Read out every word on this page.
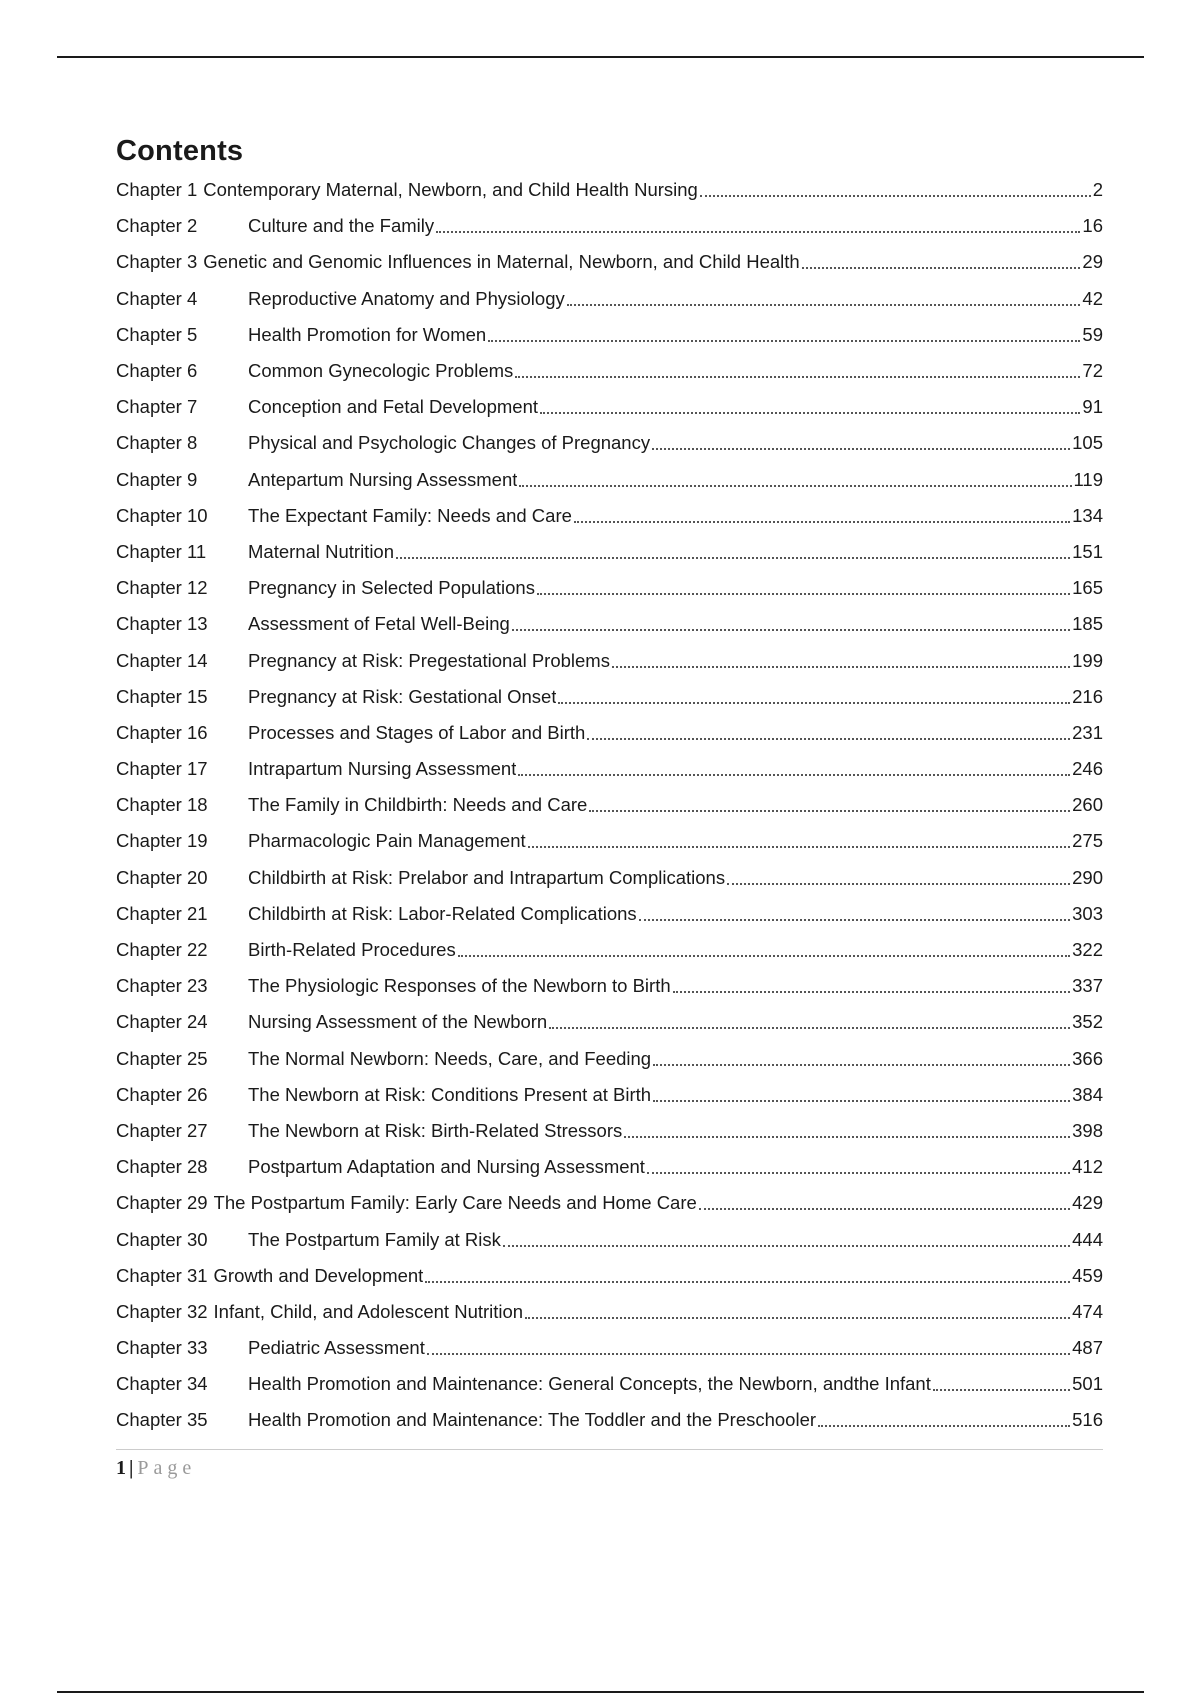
Contents
Chapter 1 Contemporary Maternal, Newborn, and Child Health Nursing	2
Chapter 2	Culture and the Family	16
Chapter 3 Genetic and Genomic Influences in Maternal, Newborn, and Child Health	29
Chapter 4	Reproductive Anatomy and Physiology	42
Chapter 5	Health Promotion for Women	59
Chapter 6	Common Gynecologic Problems	72
Chapter 7	Conception and Fetal Development	91
Chapter 8	Physical and Psychologic Changes of Pregnancy	105
Chapter 9	Antepartum Nursing Assessment	119
Chapter 10	The Expectant Family: Needs and Care	134
Chapter 11	Maternal Nutrition	151
Chapter 12	Pregnancy in Selected Populations	165
Chapter 13	Assessment of Fetal Well-Being	185
Chapter 14	Pregnancy at Risk: Pregestational Problems	199
Chapter 15	Pregnancy at Risk: Gestational Onset	216
Chapter 16	Processes and Stages of Labor and Birth	231
Chapter 17	Intrapartum Nursing Assessment	246
Chapter 18	The Family in Childbirth: Needs and Care	260
Chapter 19	Pharmacologic Pain Management	275
Chapter 20	Childbirth at Risk: Prelabor and Intrapartum Complications	290
Chapter 21	Childbirth at Risk: Labor-Related Complications	303
Chapter 22	Birth-Related Procedures	322
Chapter 23	The Physiologic Responses of the Newborn to Birth	337
Chapter 24	Nursing Assessment of the Newborn	352
Chapter 25	The Normal Newborn: Needs, Care, and Feeding	366
Chapter 26	The Newborn at Risk: Conditions Present at Birth	384
Chapter 27	The Newborn at Risk: Birth-Related Stressors	398
Chapter 28	Postpartum Adaptation and Nursing Assessment	412
Chapter 29 The Postpartum Family: Early Care Needs and Home Care	429
Chapter 30	The Postpartum Family at Risk	444
Chapter 31 Growth and Development	459
Chapter 32 Infant, Child, and Adolescent Nutrition	474
Chapter 33	Pediatric Assessment	487
Chapter 34	Health Promotion and Maintenance: General Concepts, the Newborn, andthe Infant	501
Chapter 35	Health Promotion and Maintenance: The Toddler and the Preschooler	516
1 | Page
